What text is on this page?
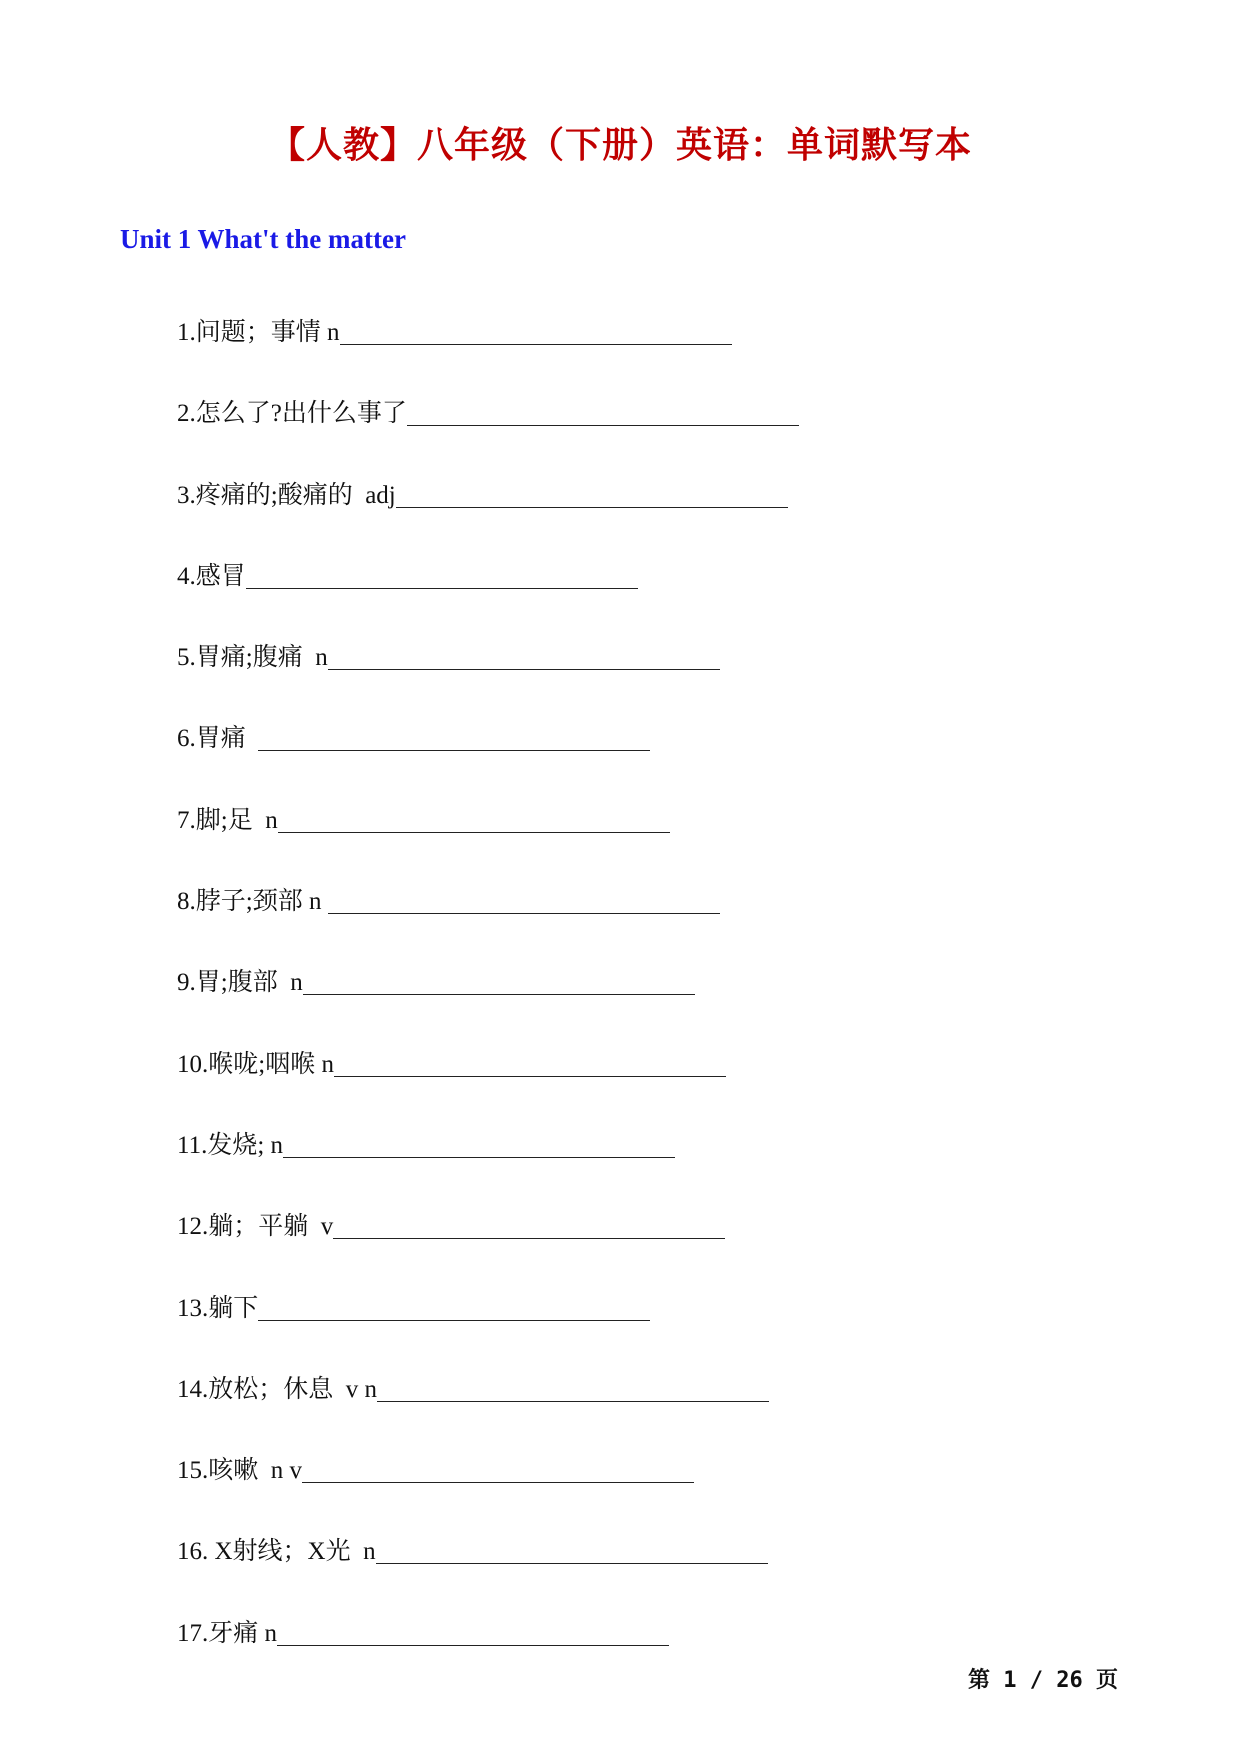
【人教】八年级（下册）英语：单词默写本
Unit 1 What't the matter
1.问题；事情 n
2.怎么了?出什么事了
3.疼痛的;酸痛的  adj
4.感冒
5.胃痛;腹痛  n
6.胃痛
7.脚;足  n
8.脖子;颈部 n
9.胃;腹部  n
10.喉咙;咽喉 n
11.发烧; n
12.躺；平躺  v
13.躺下
14.放松；休息  v n
15.咳嗽  n v
16. X射线；X光  n
17.牙痛 n
第 1 / 26 页
